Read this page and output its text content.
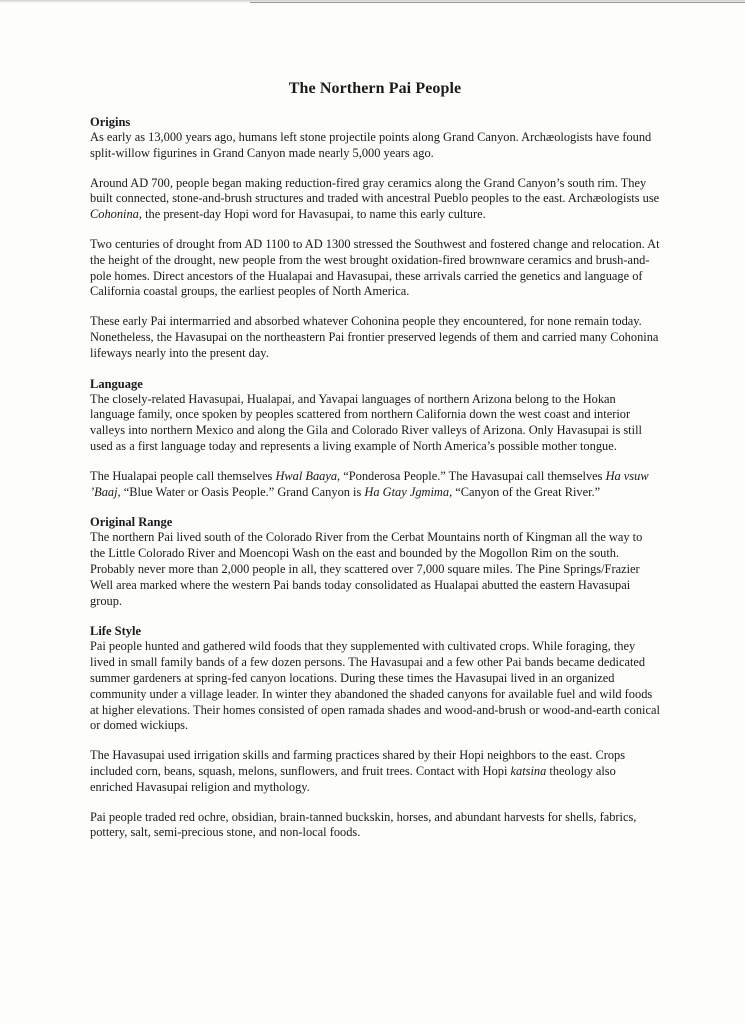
The Northern Pai People
Origins

As early as 13,000 years ago, humans left stone projectile points along Grand Canyon. Archæologists have found split-willow figurines in Grand Canyon made nearly 5,000 years ago.

Around AD 700, people began making reduction-fired gray ceramics along the Grand Canyon’s south rim. They built connected, stone-and-brush structures and traded with ancestral Pueblo peoples to the east. Archæologists use Cohonina, the present-day Hopi word for Havasupai, to name this early culture.

Two centuries of drought from AD 1100 to AD 1300 stressed the Southwest and fostered change and relocation. At the height of the drought, new people from the west brought oxidation-fired brownware ceramics and brush-and-pole homes. Direct ancestors of the Hualapai and Havasupai, these arrivals carried the genetics and language of California coastal groups, the earliest peoples of North America.

These early Pai intermarried and absorbed whatever Cohonina people they encountered, for none remain today. Nonetheless, the Havasupai on the northeastern Pai frontier preserved legends of them and carried many Cohonina lifeways nearly into the present day.

Language

The closely-related Havasupai, Hualapai, and Yavapai languages of northern Arizona belong to the Hokan language family, once spoken by peoples scattered from northern California down the west coast and interior valleys into northern Mexico and along the Gila and Colorado River valleys of Arizona. Only Havasupai is still used as a first language today and represents a living example of North America’s possible mother tongue.

The Hualapai people call themselves Hwal Baaya, “Ponderosa People.” The Havasupai call themselves Ha vsuw ’Baaj, “Blue Water or Oasis People.” Grand Canyon is Ha Gtay Jgmima, “Canyon of the Great River.”

Original Range

The northern Pai lived south of the Colorado River from the Cerbat Mountains north of Kingman all the way to the Little Colorado River and Moencopi Wash on the east and bounded by the Mogollon Rim on the south. Probably never more than 2,000 people in all, they scattered over 7,000 square miles. The Pine Springs/Frazier Well area marked where the western Pai bands today consolidated as Hualapai abutted the eastern Havasupai group.

Life Style

Pai people hunted and gathered wild foods that they supplemented with cultivated crops. While foraging, they lived in small family bands of a few dozen persons. The Havasupai and a few other Pai bands became dedicated summer gardeners at spring-fed canyon locations. During these times the Havasupai lived in an organized community under a village leader. In winter they abandoned the shaded canyons for available fuel and wild foods at higher elevations. Their homes consisted of open ramada shades and wood-and-brush or wood-and-earth conical or domed wickiups.

The Havasupai used irrigation skills and farming practices shared by their Hopi neighbors to the east. Crops included corn, beans, squash, melons, sunflowers, and fruit trees. Contact with Hopi katsina theology also enriched Havasupai religion and mythology.

Pai people traded red ochre, obsidian, brain-tanned buckskin, horses, and abundant harvests for shells, fabrics, pottery, salt, semi-precious stone, and non-local foods.
